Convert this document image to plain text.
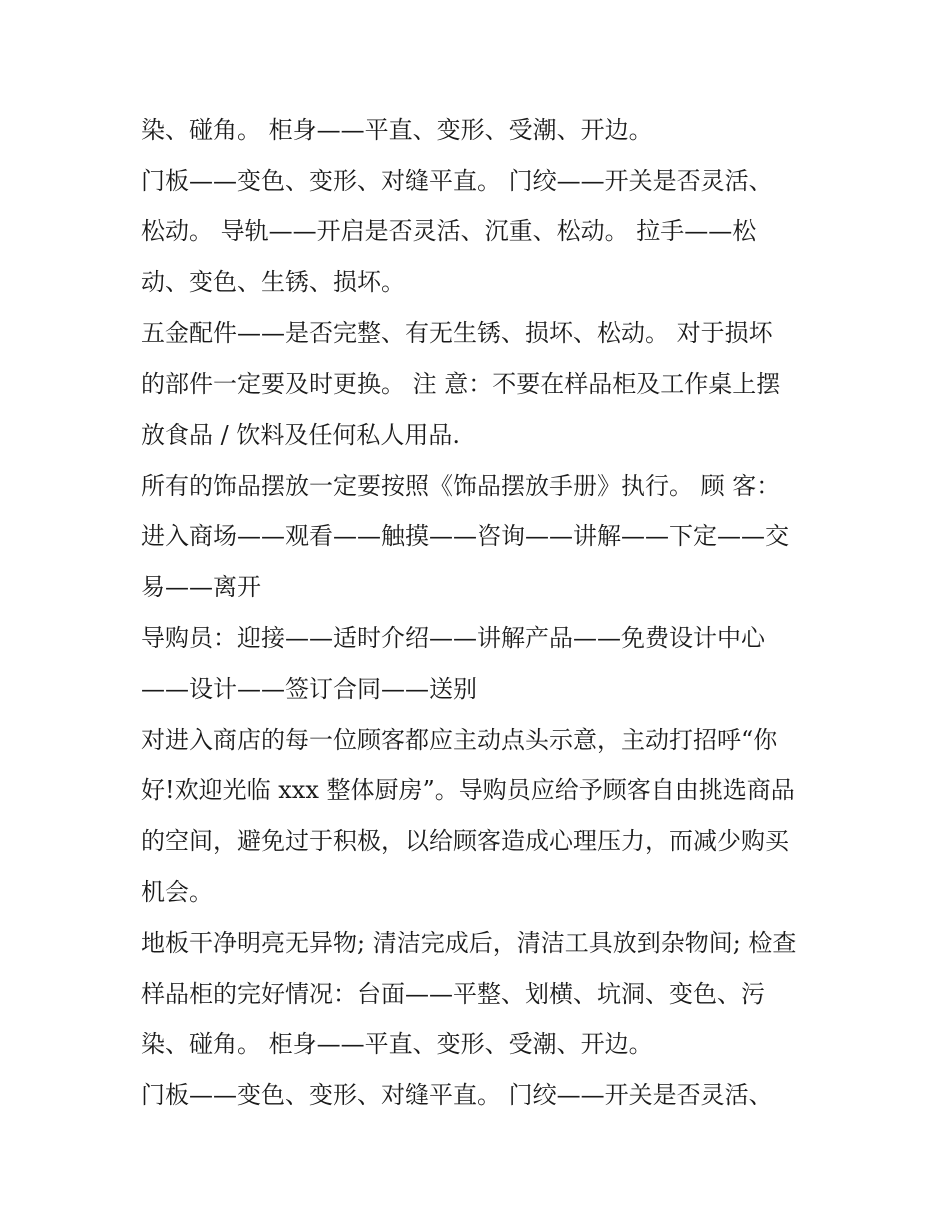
染、碰角。 柜身——平直、变形、受潮、开边。
门板——变色、变形、对缝平直。 门绞——开关是否灵活、
松动。 导轨——开启是否灵活、沉重、松动。 拉手——松
动、变色、生锈、损坏。
五金配件——是否完整、有无生锈、损坏、松动。 对于损坏
的部件一定要及时更换。 注 意：不要在样品柜及工作桌上摆
放食品 / 饮料及任何私人用品.
所有的饰品摆放一定要按照《饰品摆放手册》执行。 顾 客：
进入商场——观看——触摸——咨询——讲解——下定——交
易——离开
导购员：迎接——适时介绍——讲解产品——免费设计中心
——设计——签订合同——送别
对进入商店的每一位顾客都应主动点头示意，主动打招呼“你
好!欢迎光临 xxx 整体厨房”。导购员应给予顾客自由挑选商品
的空间，避免过于积极，以给顾客造成心理压力，而减少购买
机会。
地板干净明亮无异物; 清洁完成后，清洁工具放到杂物间; 检查
样品柜的完好情况：台面——平整、划横、坑洞、变色、污
染、碰角。 柜身——平直、变形、受潮、开边。
门板——变色、变形、对缝平直。 门绞——开关是否灵活、
